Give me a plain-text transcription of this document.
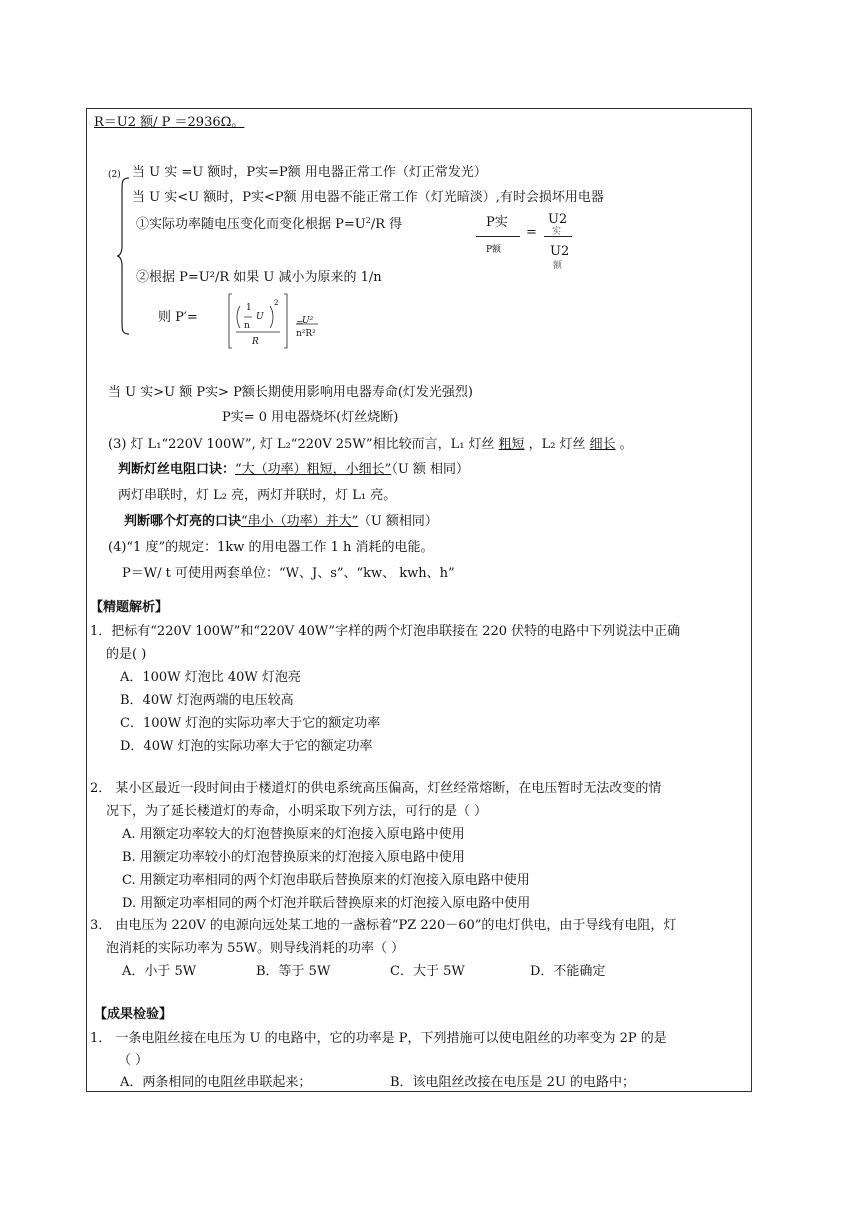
R＝U2 额/ P ＝2936Ω。
(2) 当 U 实 =U 额时，P实=P额 用电器正常工作（灯正常发光）
当 U 实<U 额时，P实<P额 用电器不能正常工作（灯光暗淡）,有时会损坏用电器
①实际功率随电压变化而变化根据 $P=U^2/R$ 得	P实
P额
=
U2
实
U2
额
②根据 P=U²/R 如果 U 减小为原来的 1/n
则 P′=	=
2
1
n
U
R
U²
n²R²
当 U 实>U 额 P实> P额长期使用影响用电器寿命(灯发光强烈)
P实= 0 用电器烧坏(灯丝烧断)
(3) 灯 L₁“220V 100W”, 灯 L₂“220V 25W”相比较而言，L₁ 灯丝 粗短 ，L₂ 灯丝 细长 。
判断灯丝电阻口诀：“大（功率）粗短，小细长”（U 额 相同）
两灯串联时，灯 L₂ 亮，两灯并联时，灯 L₁ 亮。
判断哪个灯亮的口诀“串小（功率）并大” （U 额相同）
(4)“1 度”的规定：1kw 的用电器工作 1 h 消耗的电能。
P＝W/ t 可使用两套单位：“W、J、s”、“kw、 kwh、h”
【精题解析】
1．把标有“220V 100W”和“220V 40W”字样的两个灯泡串联接在 220 伏特的电路中下列说法中正确
的是( )
A．100W 灯泡比 40W 灯泡亮
B．40W 灯泡两端的电压较高
C．100W 灯泡的实际功率大于它的额定功率
D．40W 灯泡的实际功率大于它的额定功率
2． 某小区最近一段时间由于楼道灯的供电系统高压偏高，灯丝经常熔断，在电压暂时无法改变的情
况下，为了延长楼道灯的寿命，小明采取下列方法，可行的是（ ）
A. 用额定功率较大的灯泡替换原来的灯泡接入原电路中使用
B. 用额定功率较小的灯泡替换原来的灯泡接入原电路中使用
C. 用额定功率相同的两个灯泡串联后替换原来的灯泡接入原电路中使用
D. 用额定功率相同的两个灯泡并联后替换原来的灯泡接入原电路中使用
3． 由电压为 220V 的电源向远处某工地的一盏标着“PZ 220－60”的电灯供电，由于导线有电阻，灯
泡消耗的实际功率为 55W。则导线消耗的功率（ ）
A．小于 5W	B．等于 5W	C．大于 5W	D．不能确定
【成果检验】
1． 一条电阻丝接在电压为 U 的电路中，它的功率是 P，下列措施可以使电阻丝的功率变为 2P 的是
（ ）
A．两条相同的电阻丝串联起来；	B．该电阻丝改接在电压是 2U 的电路中；
